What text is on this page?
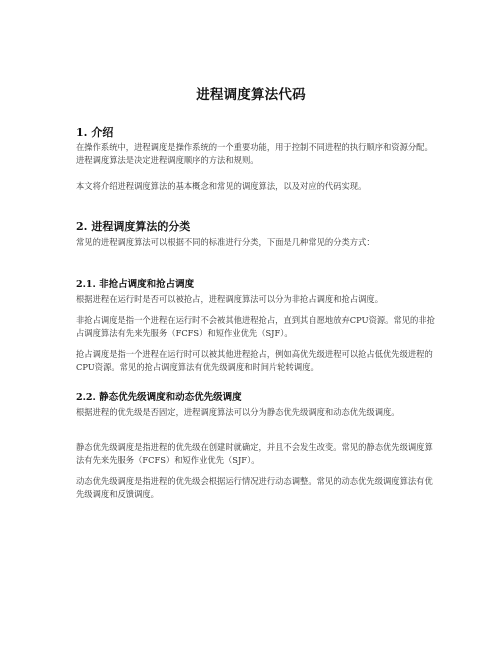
进程调度算法代码
1. 介绍

在操作系统中，进程调度是操作系统的一个重要功能，用于控制不同进程的执行顺序和资源分配。进程调度算法是决定进程调度顺序的方法和规则。

本文将介绍进程调度算法的基本概念和常见的调度算法，以及对应的代码实现。

2. 进程调度算法的分类

常见的进程调度算法可以根据不同的标准进行分类，下面是几种常见的分类方式：

2.1. 非抢占调度和抢占调度

根据进程在运行时是否可以被抢占，进程调度算法可以分为非抢占调度和抢占调度。

非抢占调度是指一个进程在运行时不会被其他进程抢占，直到其自愿地放弃CPU资源。常见的非抢占调度算法有先来先服务（FCFS）和短作业优先（SJF）。

抢占调度是指一个进程在运行时可以被其他进程抢占，例如高优先级进程可以抢占低优先级进程的CPU资源。常见的抢占调度算法有优先级调度和时间片轮转调度。

2.2. 静态优先级调度和动态优先级调度

根据进程的优先级是否固定，进程调度算法可以分为静态优先级调度和动态优先级调度。

静态优先级调度是指进程的优先级在创建时就确定，并且不会发生改变。常见的静态优先级调度算法有先来先服务（FCFS）和短作业优先（SJF）。

动态优先级调度是指进程的优先级会根据运行情况进行动态调整。常见的动态优先级调度算法有优先级调度和反馈调度。
